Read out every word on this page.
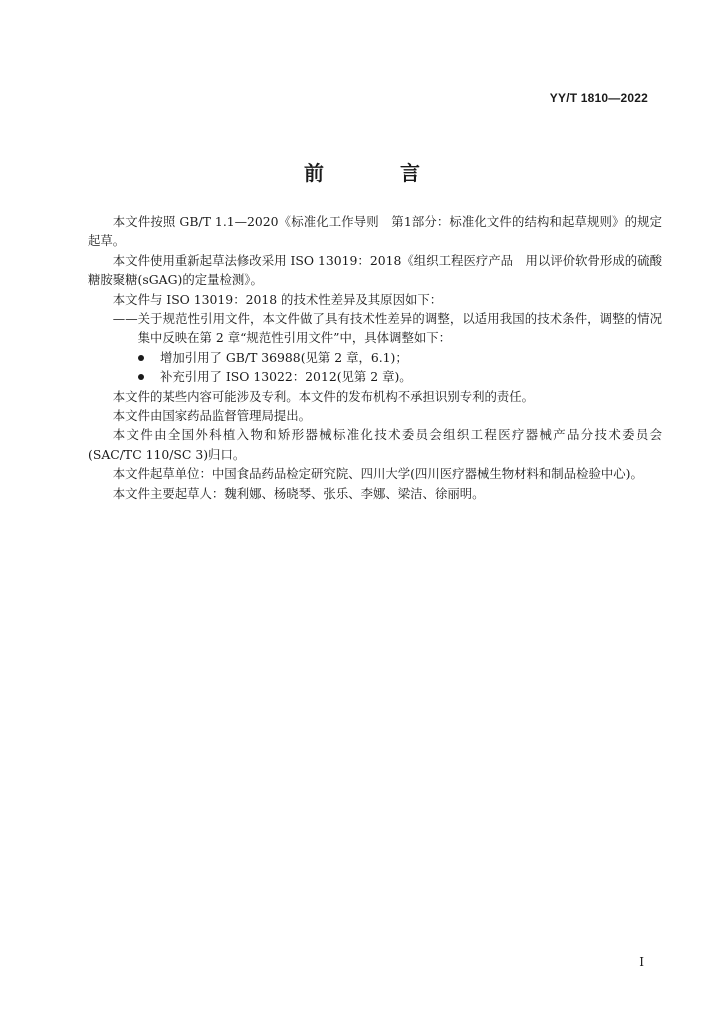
YY/T 1810—2022
前　言

本文件按照 GB/T 1.1—2020《标准化工作导则　第1部分：标准化文件的结构和起草规则》的规定起草。

本文件使用重新起草法修改采用 ISO 13019：2018《组织工程医疗产品　用以评价软骨形成的硫酸糖胺聚糖(sGAG)的定量检测》。

本文件与 ISO 13019：2018 的技术性差异及其原因如下：

——关于规范性引用文件，本文件做了具有技术性差异的调整，以适用我国的技术条件，调整的情况集中反映在第 2 章“规范性引用文件”中，具体调整如下：

增加引用了 GB/T 36988(见第 2 章，6.1)；
补充引用了 ISO 13022：2012(见第 2 章)。

本文件的某些内容可能涉及专利。本文件的发布机构不承担识别专利的责任。

本文件由国家药品监督管理局提出。

本文件由全国外科植入物和矫形器械标准化技术委员会组织工程医疗器械产品分技术委员会(SAC/TC 110/SC 3)归口。

本文件起草单位：中国食品药品检定研究院、四川大学(四川医疗器械生物材料和制品检验中心)。

本文件主要起草人：魏利娜、杨晓琴、张乐、李娜、梁洁、徐丽明。

I
